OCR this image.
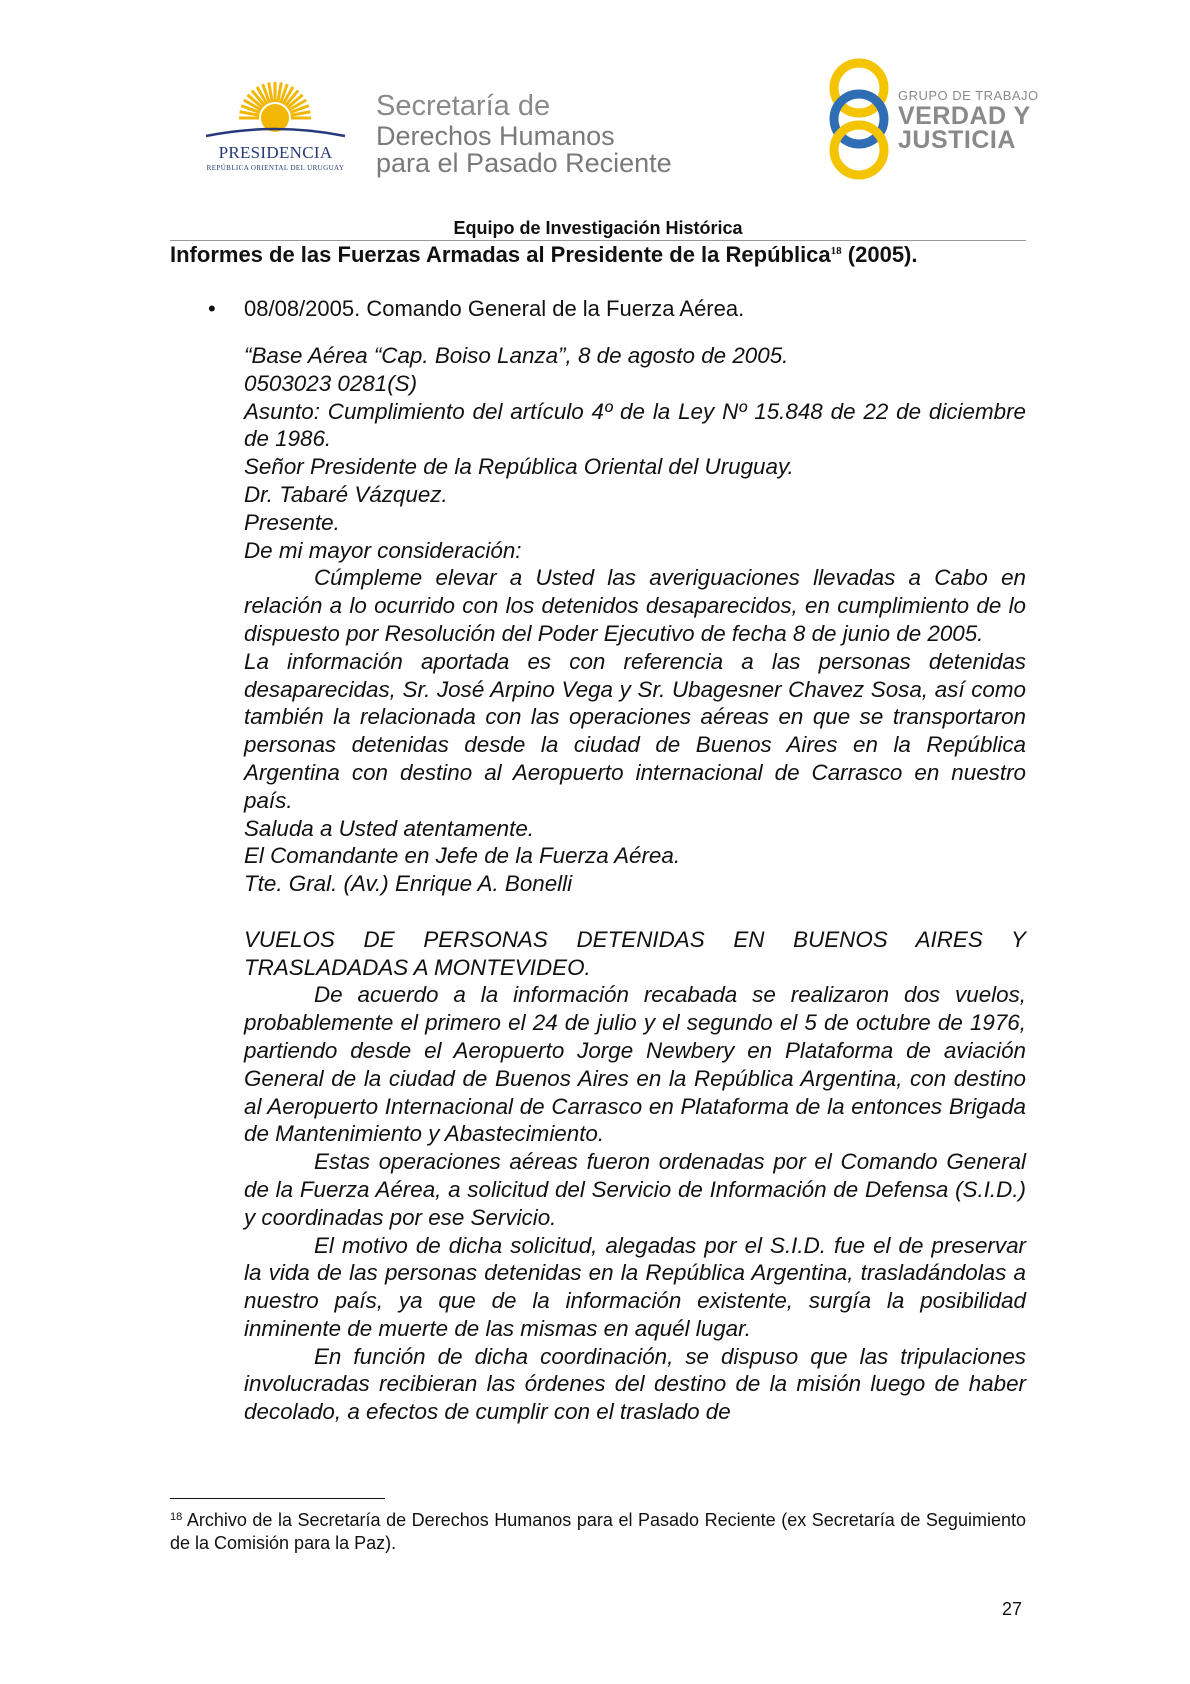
PRESIDENCIA
REPÚBLICA ORIENTAL DEL URUGUAY
Secretaría de
Derechos Humanos
para el Pasado Reciente
GRUPO DE TRABAJO
VERDAD Y
JUSTICIA
Equipo de Investigación Histórica
Informes de las Fuerzas Armadas al Presidente de la República$^{18}$ (2005).
• 08/08/2005. Comando General de la Fuerza Aérea.

“Base Aérea “Cap. Boiso Lanza”, 8 de agosto de 2005.

0503023 0281(S)

Asunto: Cumplimiento del artículo 4º de la Ley Nº 15.848 de 22 de diciembre de 1986.

Señor Presidente de la República Oriental del Uruguay.

Dr. Tabaré Vázquez.

Presente.

De mi mayor consideración:

Cúmpleme elevar a Usted las averiguaciones llevadas a Cabo en relación a lo ocurrido con los detenidos desaparecidos, en cumplimiento de lo dispuesto por Resolución del Poder Ejecutivo de fecha 8 de junio de 2005.

La información aportada es con referencia a las personas detenidas desaparecidas, Sr. José Arpino Vega y Sr. Ubagesner Chavez Sosa, así como también la relacionada con las operaciones aéreas en que se transportaron personas detenidas desde la ciudad de Buenos Aires en la República Argentina con destino al Aeropuerto internacional de Carrasco en nuestro país.

Saluda a Usted atentamente.

El Comandante en Jefe de la Fuerza Aérea.

Tte. Gral. (Av.) Enrique A. Bonelli

VUELOS DE PERSONAS DETENIDAS EN BUENOS AIRES Y TRASLADADAS A MONTEVIDEO.

De acuerdo a la información recabada se realizaron dos vuelos, probablemente el primero el 24 de julio y el segundo el 5 de octubre de 1976, partiendo desde el Aeropuerto Jorge Newbery en Plataforma de aviación General de la ciudad de Buenos Aires en la República Argentina, con destino al Aeropuerto Internacional de Carrasco en Plataforma de la entonces Brigada de Mantenimiento y Abastecimiento.

Estas operaciones aéreas fueron ordenadas por el Comando General de la Fuerza Aérea, a solicitud del Servicio de Información de Defensa (S.I.D.) y coordinadas por ese Servicio.

El motivo de dicha solicitud, alegadas por el S.I.D. fue el de preservar la vida de las personas detenidas en la República Argentina, trasladándolas a nuestro país, ya que de la información existente, surgía la posibilidad inminente de muerte de las mismas en aquél lugar.

En función de dicha coordinación, se dispuso que las tripulaciones involucradas recibieran las órdenes del destino de la misión luego de haber decolado, a efectos de cumplir con el traslado de

$^{18}$ Archivo de la Secretaría de Derechos Humanos para el Pasado Reciente (ex Secretaría de Seguimiento de la Comisión para la Paz).
27
